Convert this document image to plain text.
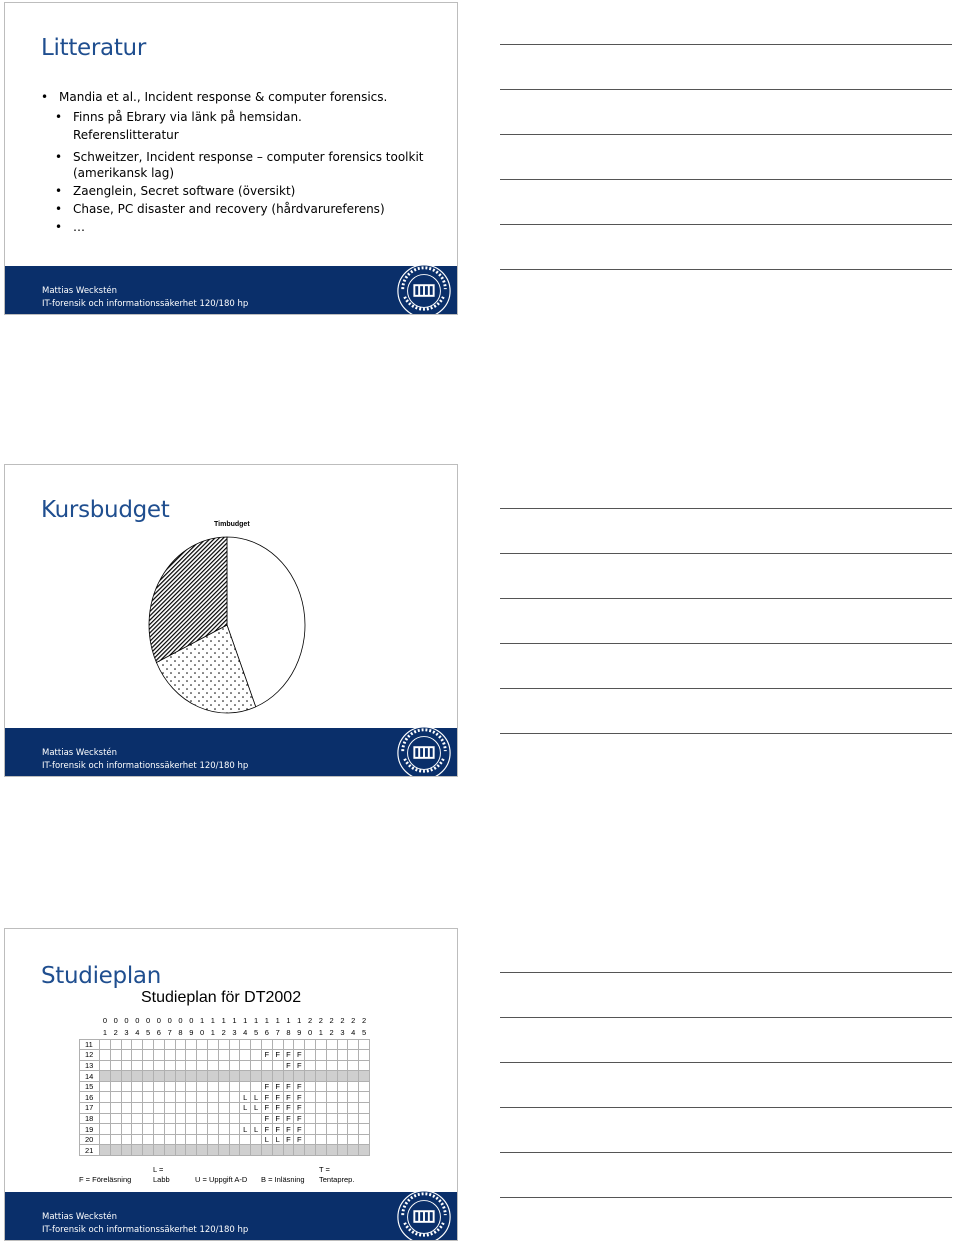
Litteratur
• Mandia et al., Incident response & computer forensics.
• Finns på Ebrary via länk på hemsidan.
Referenslitteratur
• Schweitzer, Incident response – computer forensics toolkit (amerikansk lag)
• Zaenglein, Secret software (översikt)
• Chase, PC disaster and recovery (hårdvarureferens)
• …
Mattias Weckstén
IT-forensik och informationssäkerhet 120/180 hp
Kursbudget
Timbudget
Mattias Weckstén
IT-forensik och informationssäkerhet 120/180 hp
Studieplan
Studieplan för DT2002
	0	0	0	0	0	0	0	0	0	1	1	1	1	1	1	1	1	1	1	2	2	2	2	2	2
	1	2	3	4	5	6	7	8	9	0	1	2	3	4	5	6	7	8	9	0	1	2	3	4	5
11																									
12																F	F	F	F						
13																		F	F						
14																									
15																F	F	F	F						
16														L	L	F	F	F	F						
17														L	L	F	F	F	F						
18																F	F	F	F						
19														L	L	F	F	F	F						
20																L	L	F	F						
21																									
F = Föreläsning
L =
Labb	U = Uppgift A-D B = Inläsning
T =
Tentaprep.
Mattias Weckstén
IT-forensik och informationssäkerhet 120/180 hp
